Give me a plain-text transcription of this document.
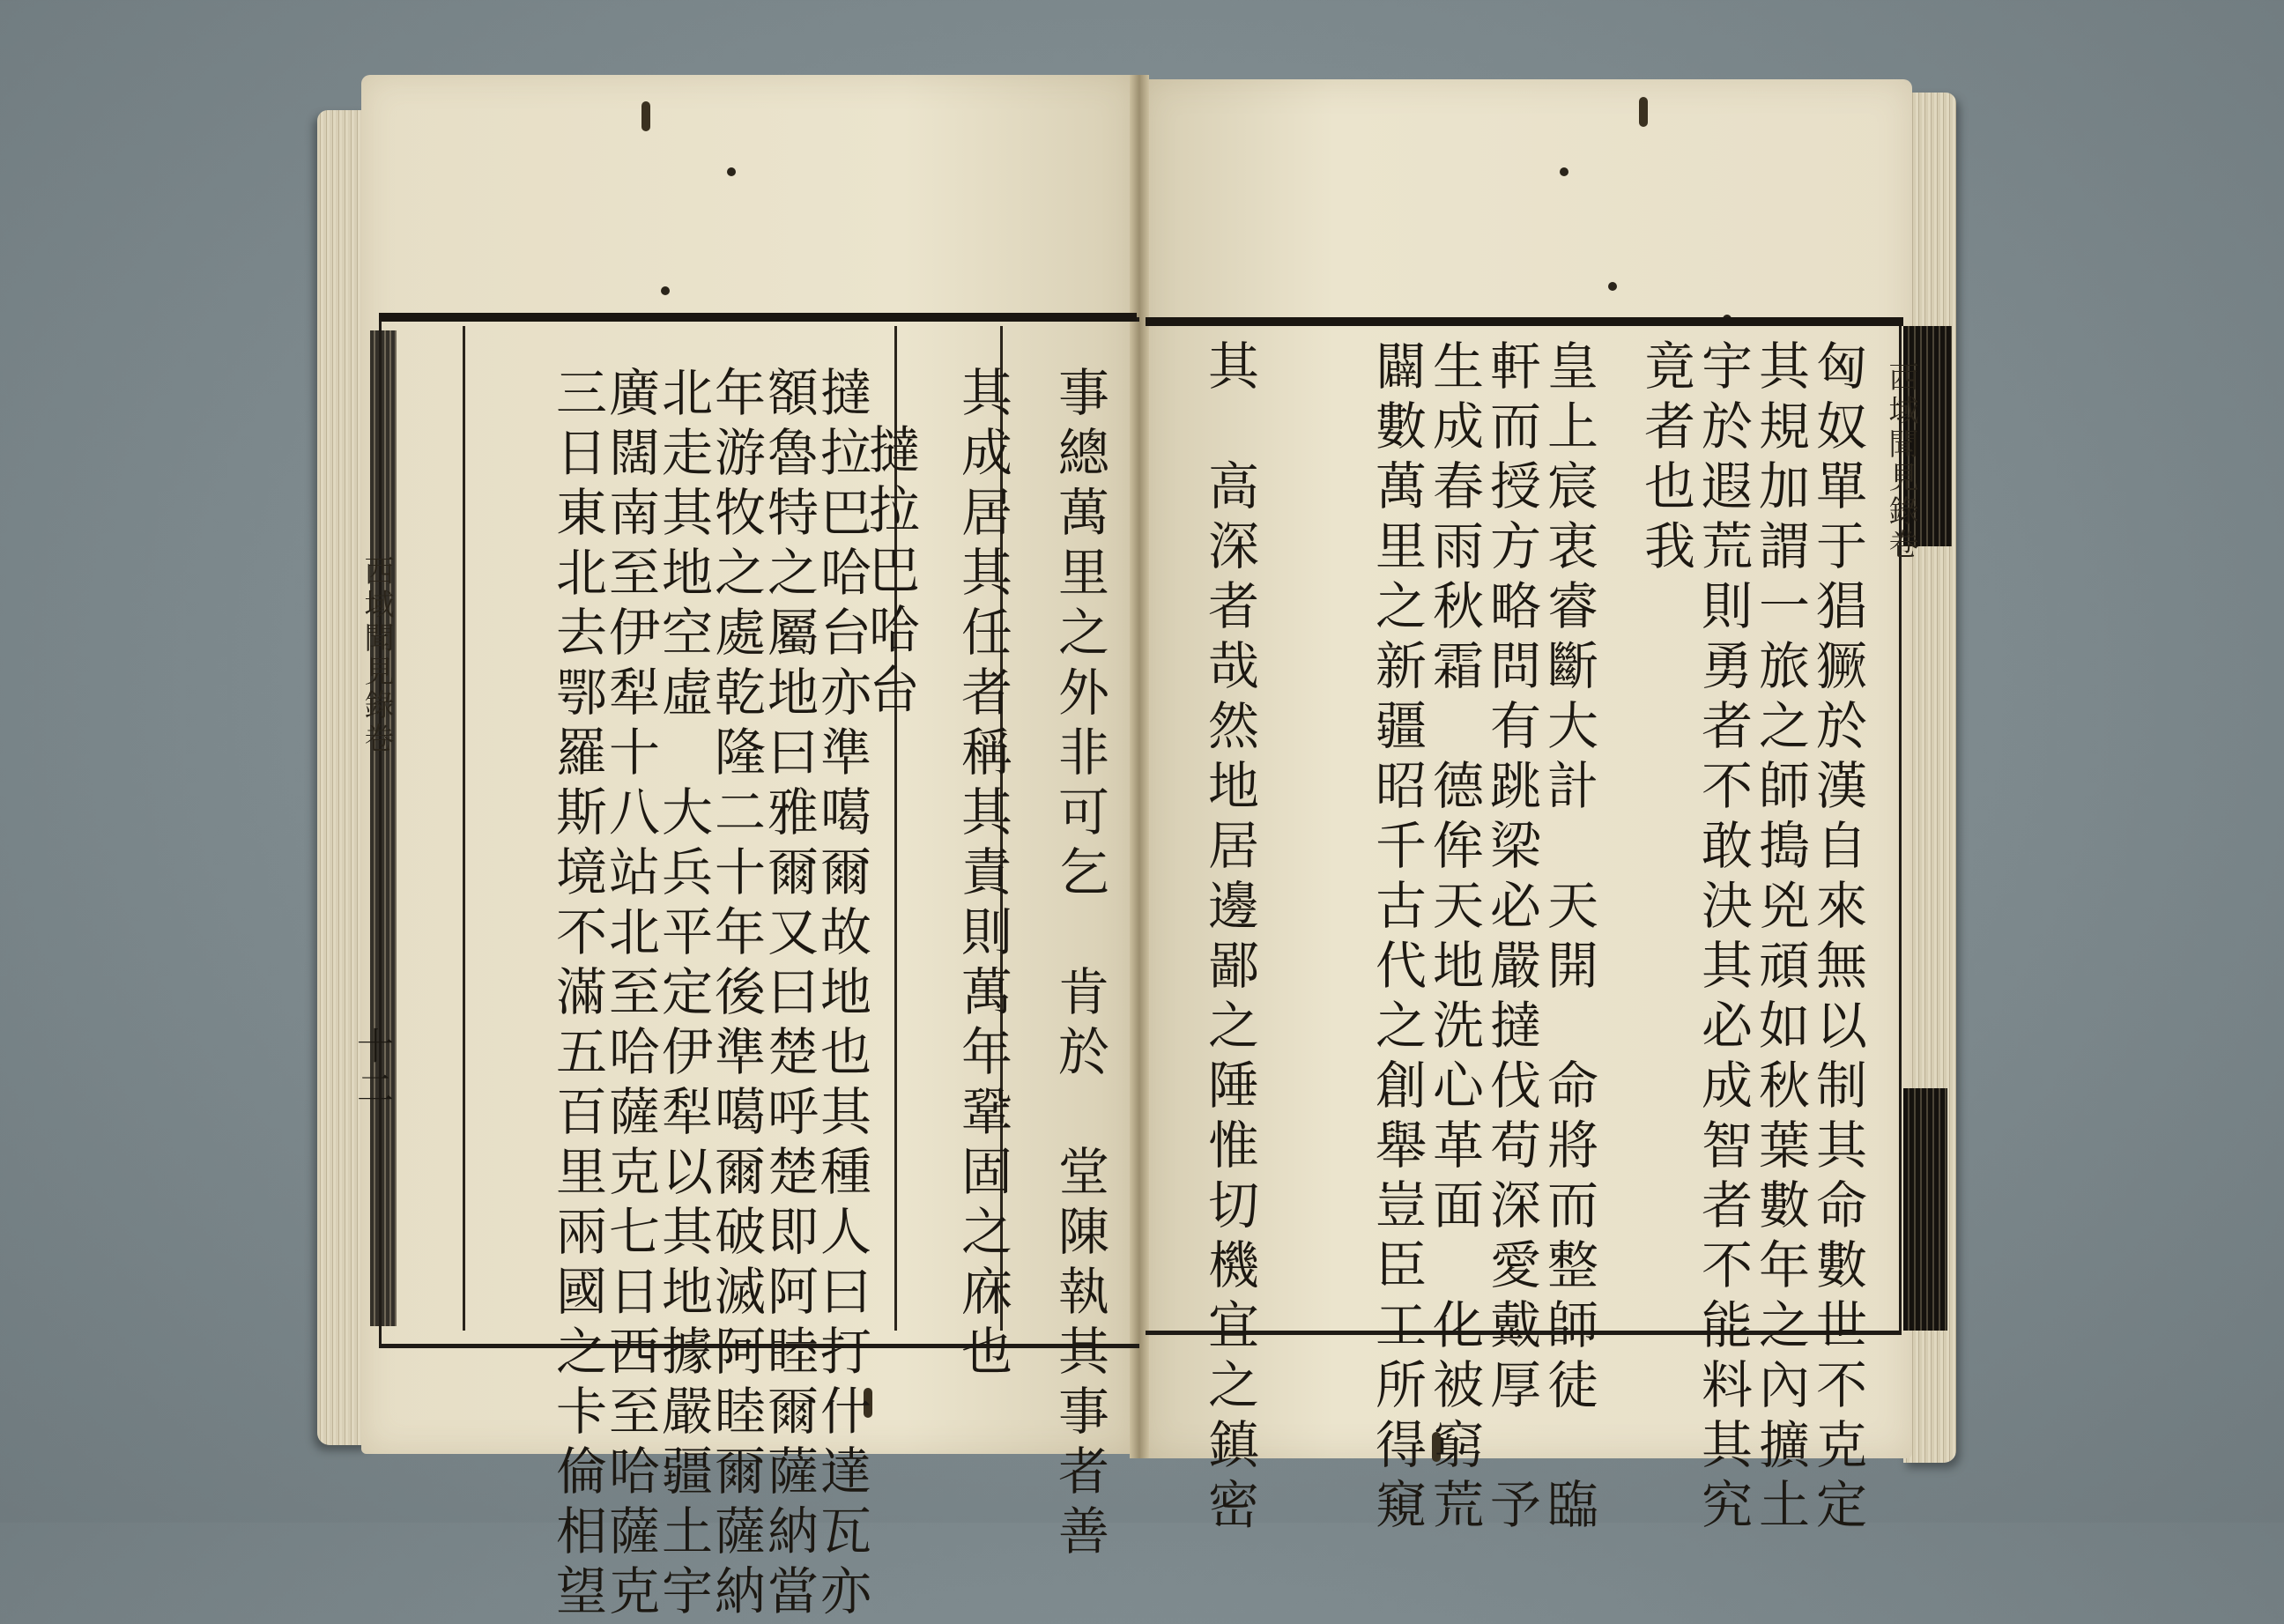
西域聞見錄卷
十二	事總萬里之外非可乞　肯於　堂陳執其事者善
其成居其任者稱其責則萬年鞏固之庥也
撻拉巴哈台
撻拉巴哈台亦準噶爾故地也其種人曰打什達瓦亦
額魯特之屬地曰雅爾又曰楚呼楚即阿睦爾薩納當
年游牧之處乾隆二十年後準噶爾破滅阿睦爾薩納
北走其地空虛　大兵平定伊犁以其地據嚴疆土宇
廣闊南至伊犁十八站北至哈薩克七日西至哈薩克
三日東北去鄂羅斯境不滿五百里兩國之卡倫相望	西域聞見錄卷
匈奴單于猖獗於漢自來無以制其命數世不克定
其規加謂一旅之師搗兇頑如秋葉數年之內擴土
宇於遐荒則勇者不敢決其必成智者不能料其究
竟者也我
皇上宸衷睿斷大計　天開　命將而整師徒　臨
軒而授方略問有跳梁必嚴撻伐苟深愛戴厚　予
生成春雨秋霜　德侔天地洗心革面　化被窮荒
闢數萬里之新疆昭千古代之創舉豈臣工所得窺
其　高深者哉然地居邊鄙之陲惟切機宜之鎮密
